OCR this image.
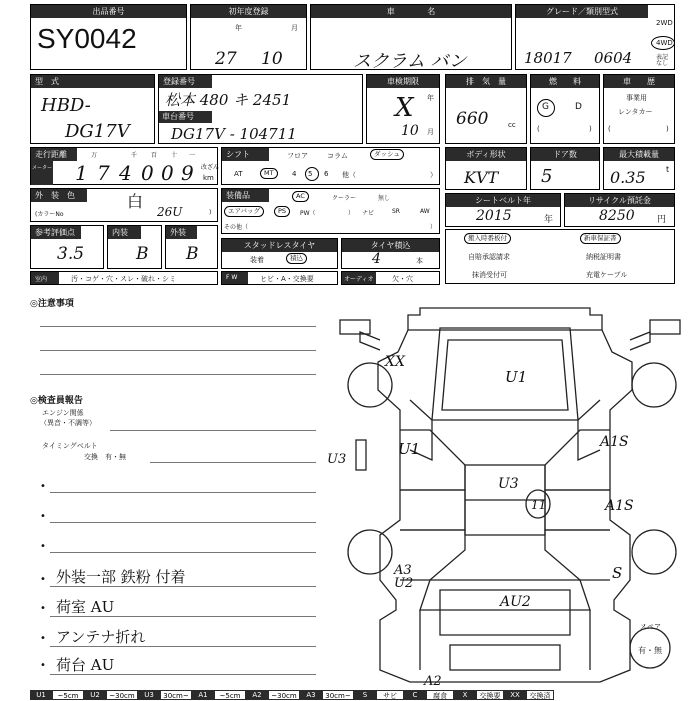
出品番号
SY0042
初年度登録
年	月
27 10
車	名
スクラム バン
グレード／類別型式
2WD
4WD
表記なし
18017 0604
型　式
HBD-
DG17V
登録番号
松本 480 キ 2451
車台番号
DG17V - 104711
車検期限
年
月
X
10
排　気　量
660	cc
燃　　料
G	D
(	)
車　　歴
事業用
レンタカー
(	)
走行距離
メーター
万	千 百 十 一
1 7 4 0 0 9 改ざん
km
シフト	フロア	コラム	ダッシュ
AT	MT	4 5 6 他（	）
ボディ形状
KVT
ドア数
5
最大積載量
0.35	t
外　装　色	白
(カラーNo	26U	)
装備品	AC	クーラー	無し
エアバッグ	PS	PW（	） ナビ	SR	AW
その他（	）
シートベルト年
2015	年
リサイクル預託金
8250 円
参考評価点
3.5
内装
B
外装
B	スタッドレスタイヤ
装着	積込
タイヤ積込
4	本
搬入時番板付	新車保証書
自賠承認請求	納税証明書
抹消受付可	充電ケーブル
室内	汚・コゲ・穴・スレ・破れ・シミ	F W	ヒビ・A・交換要	オーディオ	欠・穴
◎注意事項
◎検査員報告
エンジン関係
（異音・不調等）
タイミングベルト
交換　有・無
•
•
•
• 外装一部 鉄粉 付着
• 荷室 AU
• アンテナ折れ
• 荷台 AU
XX
U1
U1
U3
A1S
A1S
U3
11
A3
U2
S
AU2
A2
スペア
有・無
U1	~5cm	U2	~30cm	U3	30cm~	A1	~5cm	A2	~30cm	A3	30cm~	S	サビ	C	腐食	X	交換要	XX	交換済
